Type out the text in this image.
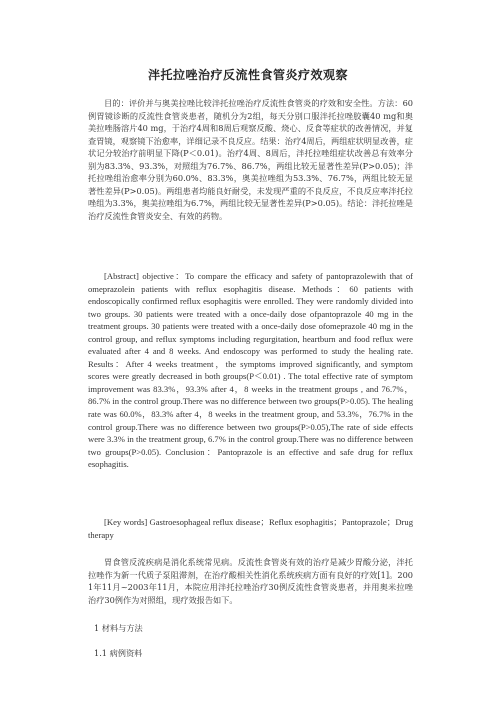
泮托拉唑治疗反流性食管炎疗效观察

目的：评价并与奥美拉唑比较泮托拉唑治疗反流性食管炎的疗效和安全性。方法：60例胃镜诊断的反流性食管炎患者，随机分为2组，每天分别口服泮托拉唑胶囊40 mg和奥美拉唑肠溶片40 mg，于治疗4周和8周后观察反酸、烧心、反食等症状的改善情况，并复查胃镜，观察镜下治愈率，详细记录不良反应。结果：治疗4周后，两组症状明显改善，症状记分较治疗前明显下降(P＜0.01)。治疗4周、8周后，泮托拉唑组症状改善总有效率分别为83.3%、93.3%，对照组为76.7%、86.7%，两组比较无显著性差异(P>0.05)；泮托拉唑组治愈率分别为60.0%、83.3%，奥美拉唑组为53.3%、76.7%，两组比较无显著性差异(P>0.05)。两组患者均能良好耐受，未发现严重的不良反应，不良反应率泮托拉唑组为3.3%，奥美拉唑组为6.7%，两组比较无显著性差异(P>0.05)。结论：泮托拉唑是治疗反流性食管炎安全、有效的药物。

[Abstract] objective：To compare the efficacy and safety of pantoprazolewith that of omeprazolein patients with reflux esophagitis disease. Methods：60 patients with endoscopically confirmed reflux esophagitis were enrolled. They were randomly divided into two groups. 30 patients were treated with a once-daily dose ofpantoprazole 40 mg in the treatment groups. 30 patients were treated with a once-daily dose ofomeprazole 40 mg in the control group, and reflux symptoms including regurgitation, heartburn and food reflux were evaluated after 4 and 8 weeks. And endoscopy was performed to study the healing rate. Results：After 4 weeks treatment，the symptoms improved significantly, and symptom scores were greatly decreased in both groups(P＜0.01) . The total effective rate of symptom improvement was 83.3%，93.3% after 4，8 weeks in the treatment groups , and 76.7%，86.7% in the control group.There was no difference between two groups(P>0.05). The healing rate was 60.0%，83.3% after 4，8 weeks in the treatment group, and 53.3%，76.7% in the control group.There was no difference between two groups(P>0.05),The rate of side effects were 3.3% in the treatment group, 6.7% in the control group.There was no difference between two groups(P>0.05). Conclusion：Pantoprazole is an effective and safe drug for reflux esophagitis.

[Key words] Gastroesophageal reflux disease；Reflux esophagitis；Pantoprazole；Drug therapy

胃食管反流疾病是消化系统常见病。反流性食管炎有效的治疗是减少胃酸分泌，泮托拉唑作为新一代质子泵阻滞剂，在治疗酸相关性消化系统疾病方面有良好的疗效[1]。2001年11月~2003年11月，本院应用泮托拉唑治疗30例反流性食管炎患者，并用奥米拉唑治疗30例作为对照组，现疗效报告如下。

1 材料与方法

1.1 病例资料
